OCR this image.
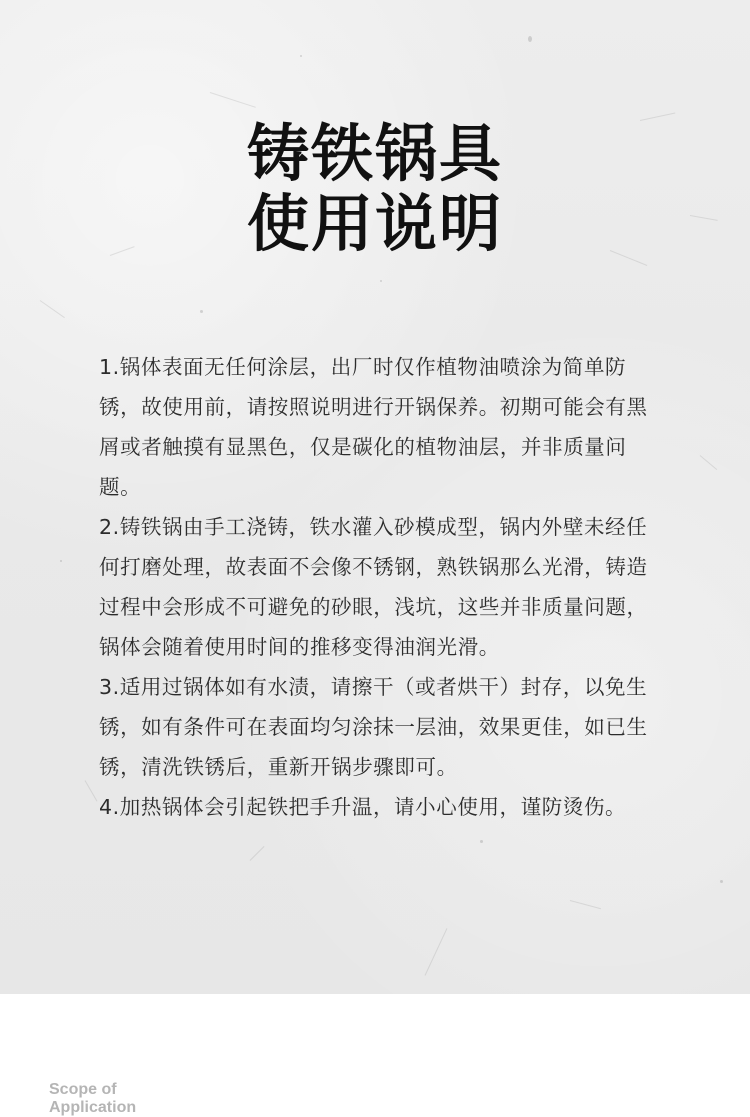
铸铁锅具
使用说明

1.锅体表面无任何涂层，出厂时仅作植物油喷涂为简单防锈，故使用前，请按照说明进行开锅保养。初期可能会有黑屑或者触摸有显黑色，仅是碳化的植物油层，并非质量问题。

2.铸铁锅由手工浇铸，铁水灌入砂模成型，锅内外壁未经任何打磨处理，故表面不会像不锈钢，熟铁锅那么光滑，铸造过程中会形成不可避免的砂眼，浅坑，这些并非质量问题，锅体会随着使用时间的推移变得油润光滑。

3.适用过锅体如有水渍，请擦干（或者烘干）封存，以免生锈，如有条件可在表面均匀涂抹一层油，效果更佳，如已生锈，清洗铁锈后，重新开锅步骤即可。

4.加热锅体会引起铁把手升温，请小心使用，谨防烫伤。

Scope of
Application
